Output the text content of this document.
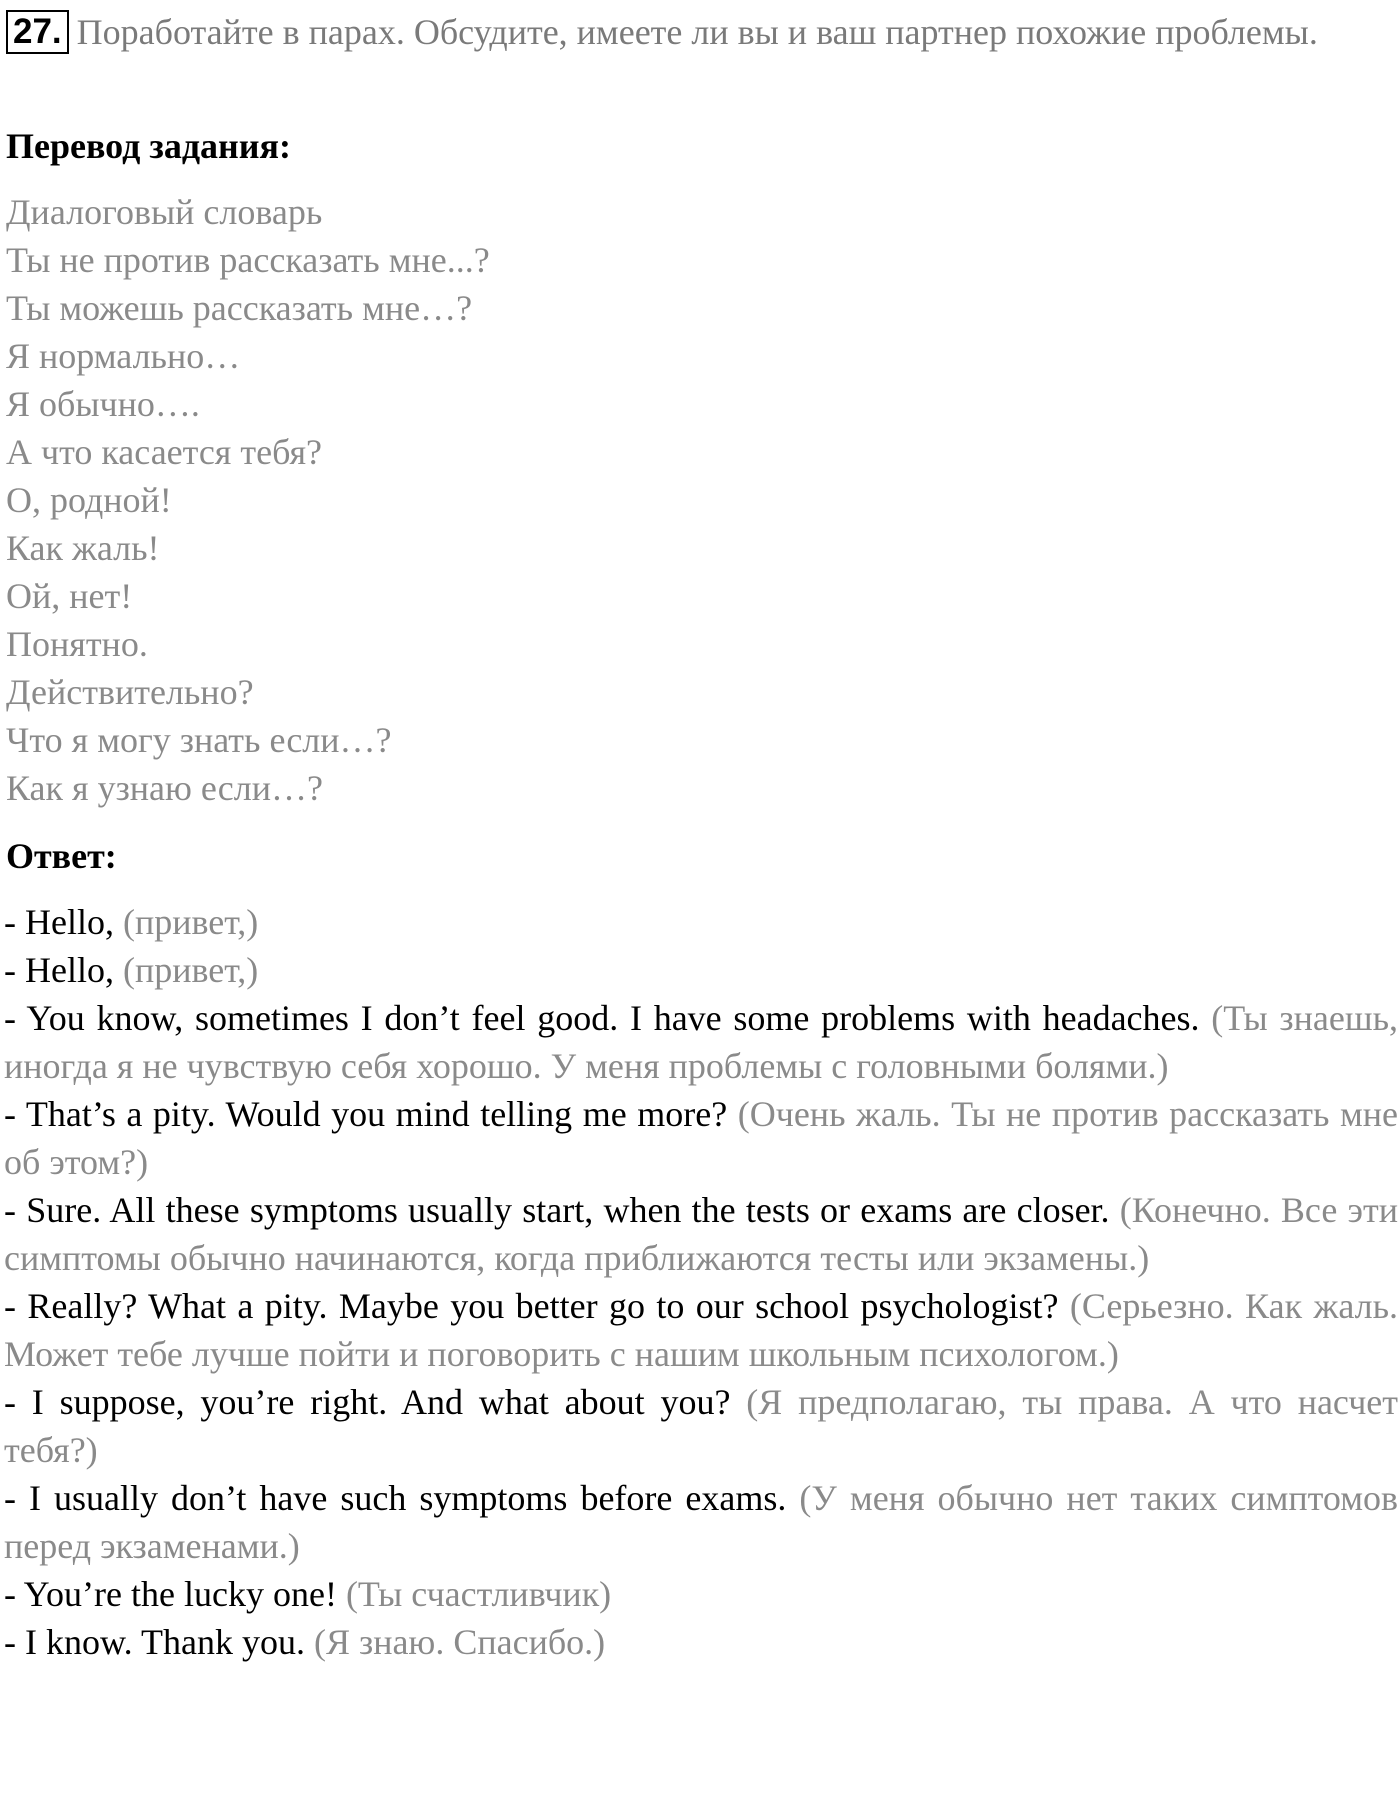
27. Поработайте в парах. Обсудите, имеете ли вы и ваш партнер похожие проблемы.
Перевод задания:
Диалоговый словарь
Ты не против рассказать мне...?
Ты можешь рассказать мне…?
Я нормально…
Я обычно….
А что касается тебя?
О, родной!
Как жаль!
Ой, нет!
Понятно.
Действительно?
Что я могу знать если…?
Как я узнаю если…?
Ответ:

- Hello, (привет,)

- Hello, (привет,)

- You know, sometimes I don’t feel good. I have some problems with headaches. (Ты знаешь, иногда я не чувствую себя хорошо. У меня проблемы с головными болями.)

- That’s a pity. Would you mind telling me more? (Очень жаль. Ты не против рассказать мне об этом?)

- Sure. All these symptoms usually start, when the tests or exams are closer. (Конечно. Все эти симптомы обычно начинаются, когда приближаются тесты или экзамены.)

- Really? What a pity. Maybe you better go to our school psychologist? (Серьезно. Как жаль. Может тебе лучше пойти и поговорить с нашим школьным психологом.)

- I suppose, you’re right. And what about you? (Я предполагаю, ты права. А что насчет тебя?)

- I usually don’t have such symptoms before exams. (У меня обычно нет таких симптомов перед экзаменами.)

- You’re the lucky one! (Ты счастливчик)

- I know. Thank you. (Я знаю. Спасибо.)
